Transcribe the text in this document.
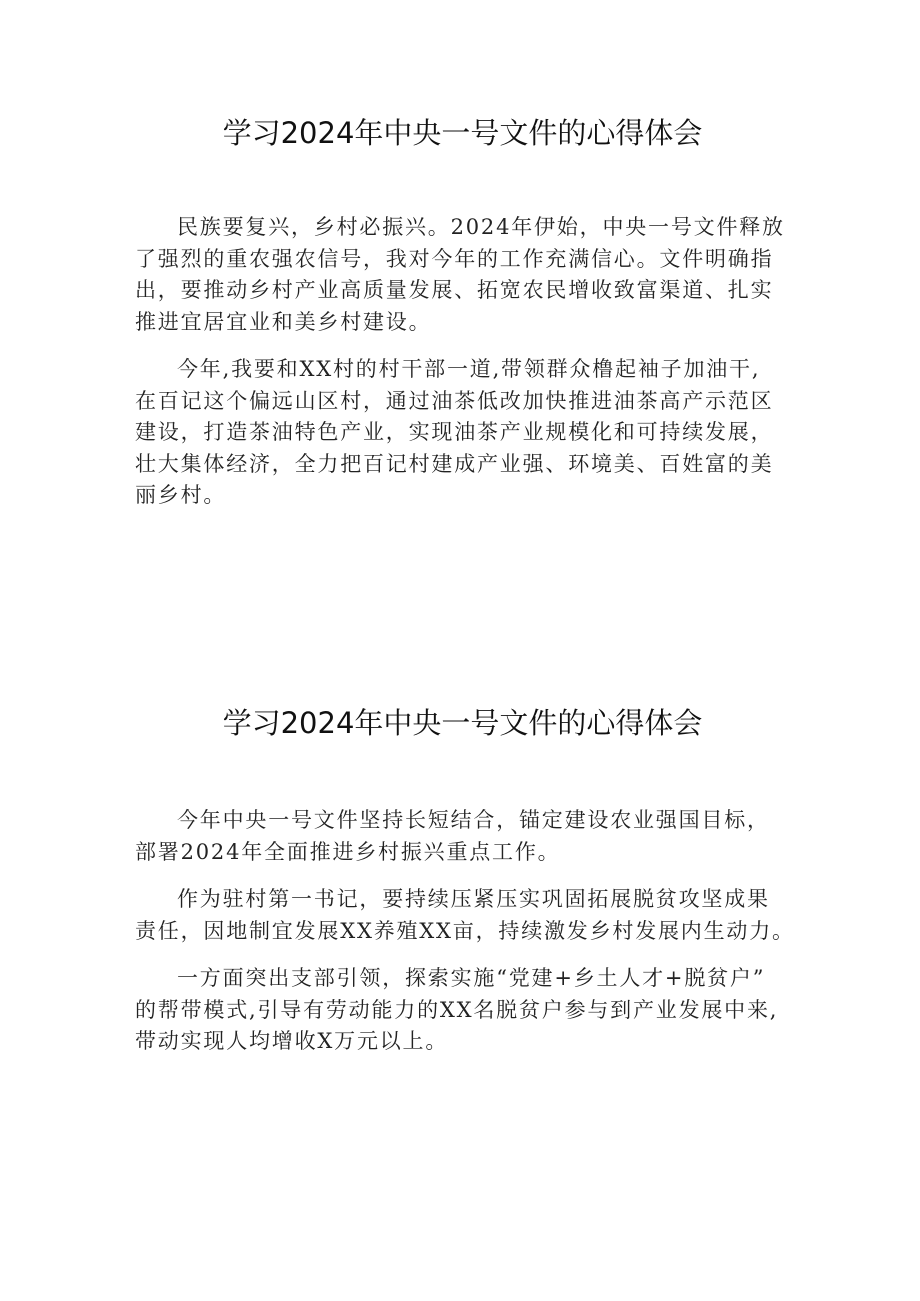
学习2024年中央一号文件的心得体会

民族要复兴，乡村必振兴。2024年伊始，中央一号文件释放
了强烈的重农强农信号，我对今年的工作充满信心。文件明确指
出，要推动乡村产业高质量发展、拓宽农民增收致富渠道、扎实
推进宜居宜业和美乡村建设。

今年,我要和XX村的村干部一道,带领群众橹起袖子加油干,
在百记这个偏远山区村，通过油茶低改加快推进油茶高产示范区
建设，打造茶油特色产业，实现油茶产业规模化和可持续发展，
壮大集体经济，全力把百记村建成产业强、环境美、百姓富的美
丽乡村。

学习2024年中央一号文件的心得体会

今年中央一号文件坚持长短结合，锚定建设农业强国目标，
部署2024年全面推进乡村振兴重点工作。

作为驻村第一书记，要持续压紧压实巩固拓展脱贫攻坚成果
责任，因地制宜发展XX养殖XX亩，持续激发乡村发展内生动力。

一方面突出支部引领，探索实施“党建+乡土人才+脱贫户”
的帮带模式,引导有劳动能力的XX名脱贫户参与到产业发展中来,
带动实现人均增收X万元以上。
